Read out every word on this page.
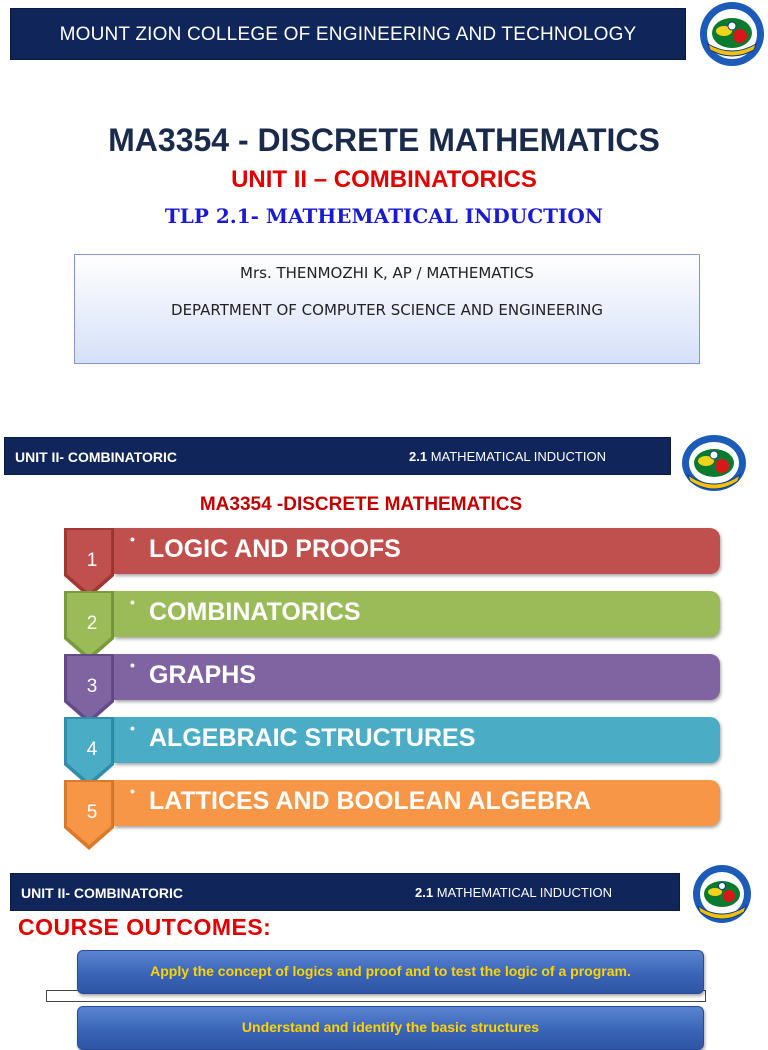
MOUNT ZION COLLEGE OF ENGINEERING AND TECHNOLOGY
MA3354 - DISCRETE MATHEMATICS
UNIT II – COMBINATORICS
TLP 2.1- MATHEMATICAL INDUCTION

Mrs. THENMOZHI K, AP / MATHEMATICS

DEPARTMENT OF COMPUTER SCIENCE AND ENGINEERING

UNIT II- COMBINATORIC	2.1 MATHEMATICAL INDUCTION
MA3354 -DISCRETE MATHEMATICS
1
• LOGIC AND PROOFS
2
• COMBINATORICS
3
• GRAPHS
4
• ALGEBRAIC STRUCTURES
5
• LATTICES AND BOOLEAN ALGEBRA
UNIT II- COMBINATORIC	2.1 MATHEMATICAL INDUCTION
COURSE OUTCOMES:
Apply the concept of logics and proof and to test the logic of a program.
Understand and identify the basic structures
